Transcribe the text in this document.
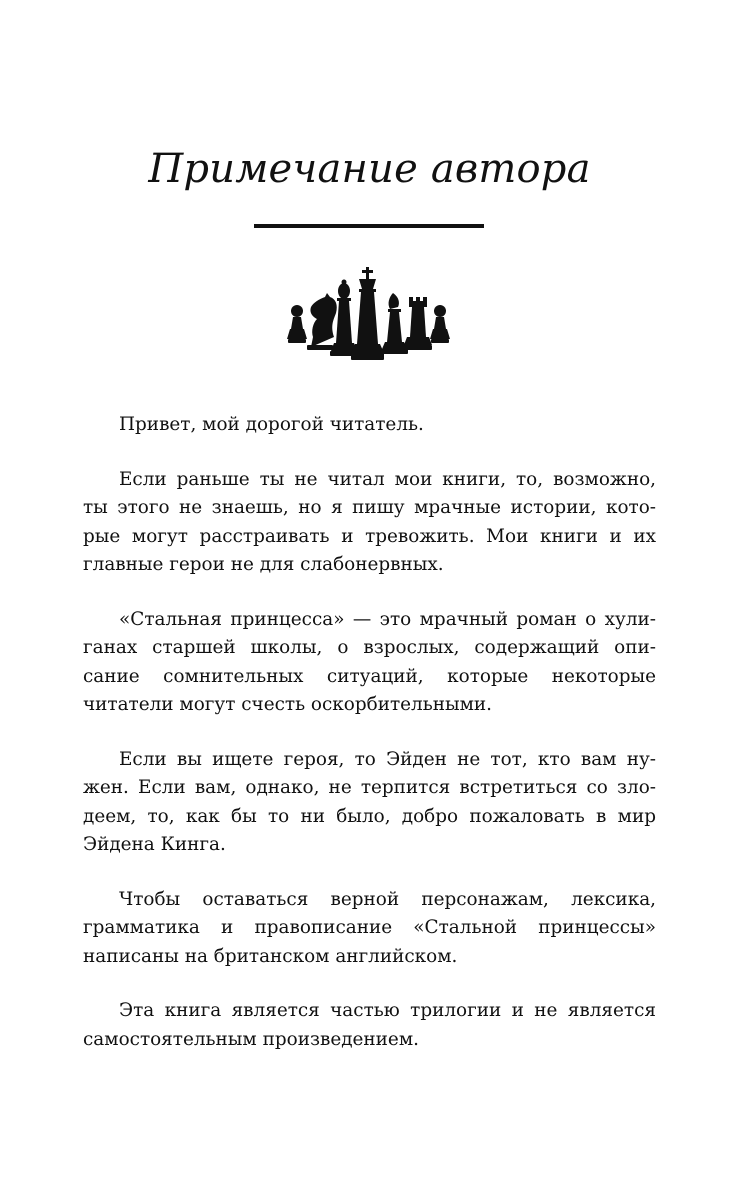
Примечание автора

Привет, мой дорогой читатель.

Если раньше ты не читал мои книги, то, возможно,
ты этого не знаешь, но я пишу мрачные истории, кото-
рые могут расстраивать и тревожить. Мои книги и их
главные герои не для слабонервных.

«Стальная принцесса» — это мрачный роман о хули-
ганах старшей школы, о взрослых, содержащий опи-
сание сомнительных ситуаций, которые некоторые
читатели могут счесть оскорбительными.

Если вы ищете героя, то Эйден не тот, кто вам ну-
жен. Если вам, однако, не терпится встретиться со зло-
деем, то, как бы то ни было, добро пожаловать в мир
Эйдена Кинга.

Чтобы оставаться верной персонажам, лексика,
грамматика и правописание «Стальной принцессы»
написаны на британском английском.

Эта книга является частью трилогии и не является
самостоятельным произведением.
